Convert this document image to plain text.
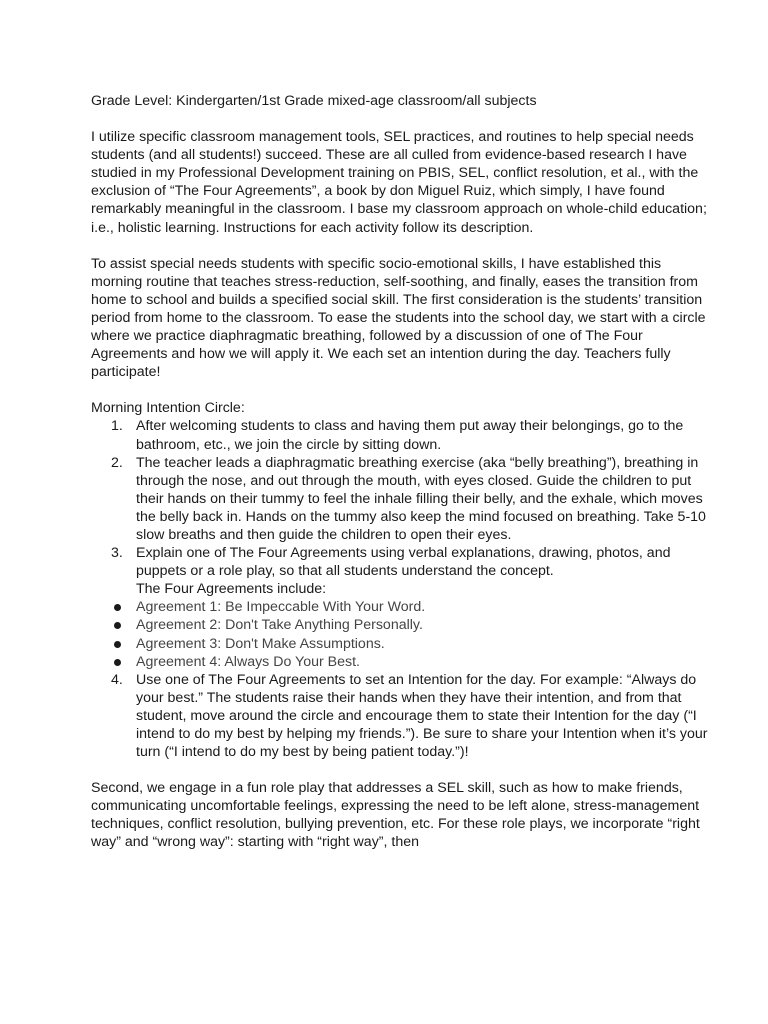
Grade Level: Kindergarten/1st Grade mixed-age classroom/all subjects

I utilize specific classroom management tools, SEL practices, and routines to help special needs students (and all students!) succeed. These are all culled from evidence-based research I have studied in my Professional Development training on PBIS, SEL, conflict resolution, et al., with the exclusion of “The Four Agreements”, a book by don Miguel Ruiz, which simply, I have found remarkably meaningful in the classroom. I base my classroom approach on whole-child education; i.e., holistic learning. Instructions for each activity follow its description.

To assist special needs students with specific socio-emotional skills, I have established this morning routine that teaches stress-reduction, self-soothing, and finally, eases the transition from home to school and builds a specified social skill. The first consideration is the students’ transition period from home to the classroom. To ease the students into the school day, we start with a circle where we practice diaphragmatic breathing, followed by a discussion of one of The Four Agreements and how we will apply it. We each set an intention during the day. Teachers fully participate!

Morning Intention Circle:

1. After welcoming students to class and having them put away their belongings, go to the bathroom, etc., we join the circle by sitting down.
2. The teacher leads a diaphragmatic breathing exercise (aka “belly breathing”), breathing in through the nose, and out through the mouth, with eyes closed. Guide the children to put their hands on their tummy to feel the inhale filling their belly, and the exhale, which moves the belly back in. Hands on the tummy also keep the mind focused on breathing. Take 5-10 slow breaths and then guide the children to open their eyes.
3. Explain one of The Four Agreements using verbal explanations, drawing, photos, and puppets or a role play, so that all students understand the concept.
The Four Agreements include:
Agreement 1: Be Impeccable With Your Word.
Agreement 2: Don't Take Anything Personally.
Agreement 3: Don't Make Assumptions.
Agreement 4: Always Do Your Best.
4. Use one of The Four Agreements to set an Intention for the day. For example: “Always do your best.” The students raise their hands when they have their intention, and from that student, move around the circle and encourage them to state their Intention for the day (“I intend to do my best by helping my friends.”). Be sure to share your Intention when it’s your turn (“I intend to do my best by being patient today.”)!

Second, we engage in a fun role play that addresses a SEL skill, such as how to make friends, communicating uncomfortable feelings, expressing the need to be left alone, stress-management techniques, conflict resolution, bullying prevention, etc. For these role plays, we incorporate “right way” and “wrong way”: starting with “right way”, then
